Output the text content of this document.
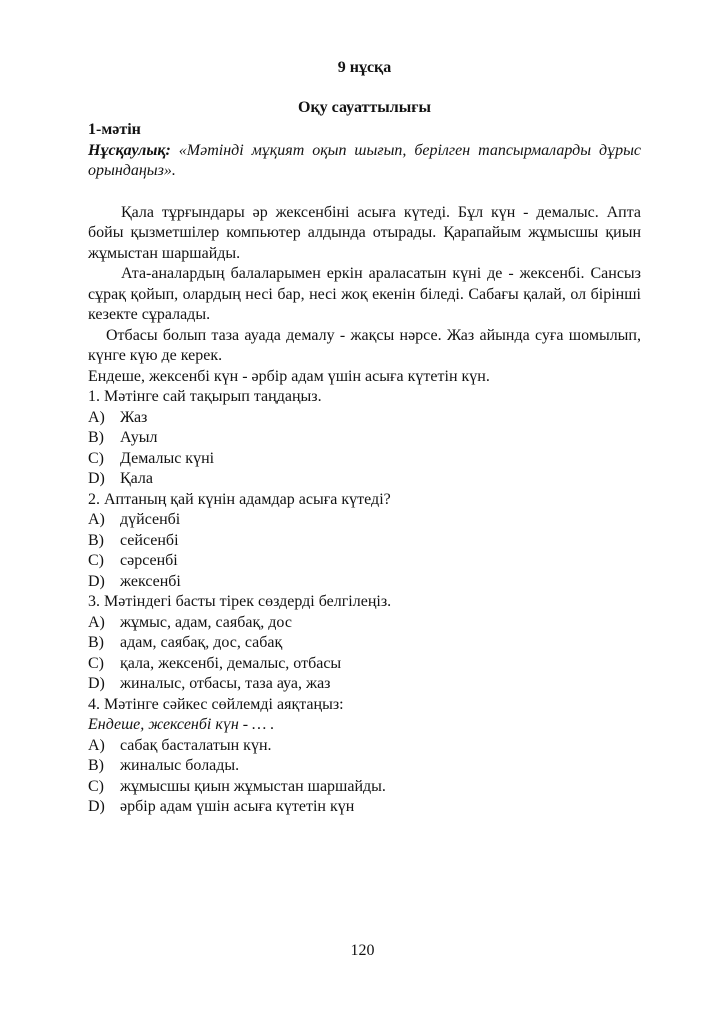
9 нұсқа
Оқу сауаттылығы
1-мәтін
Нұсқаулық: «Мәтінді мұқият оқып шығып, берілген тапсырмаларды дұрыс орындаңыз».

Қала тұрғындары әр жексенбіні асыға күтеді. Бұл күн - демалыс. Апта бойы қызметшілер компьютер алдында отырады. Қарапайым жұмысшы қиын жұмыстан шаршайды.

Ата-аналардың балаларымен еркін араласатын күні де - жексенбі. Сансыз сұрақ қойып, олардың несі бар, несі жоқ екенін біледі. Сабағы қалай, ол бірінші кезекте сұралады.

Отбасы болып таза ауада демалу - жақсы нәрсе. Жаз айында суға шомылып, күнге күю де керек.

Ендеше, жексенбі күн - әрбір адам үшін асыға күтетін күн.

1. Мәтінге сай тақырып таңдаңыз.
A) Жаз
B)	Ауыл
C)	Демалыс күні
D) Қала
2. Аптаның қай күнін адамдар асыға күтеді?
A) дүйсенбі
B)	сейсенбі
C)	сәрсенбі
D) жексенбі
3. Мәтіндегі басты тірек сөздерді белгілеңіз.
A) жұмыс, адам, саябақ, дос
B)	адам, саябақ, дос, сабақ
C)	қала, жексенбі, демалыс, отбасы
D) жиналыс, отбасы, таза ауа, жаз
4. Мәтінге сәйкес сөйлемді аяқтаңыз:
Ендеше, жексенбі күн - … .
A) сабақ басталатын күн.
B)	жиналыс болады.
C)	жұмысшы қиын жұмыстан шаршайды.
D) әрбір адам үшін асыға күтетін күн
120
